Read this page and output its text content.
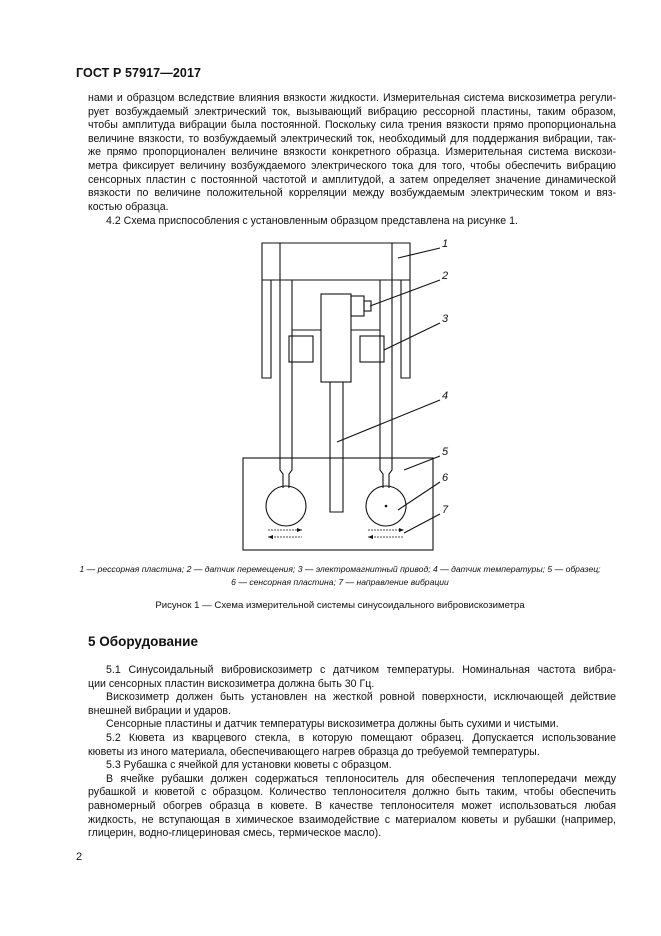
ГОСТ Р 57917—2017
нами и образцом вследствие влияния вязкости жидкости. Измерительная система вискозиметра регули-
рует возбуждаемый электрический ток, вызывающий вибрацию рессорной пластины, таким образом,
чтобы амплитуда вибрации была постоянной. Поскольку сила трения вязкости прямо пропорциональна
величине вязкости, то возбуждаемый электрический ток, необходимый для поддержания вибрации, так-
же прямо пропорционален величине вязкости конкретного образца. Измерительная система вискози-
метра фиксирует величину возбуждаемого электрического тока для того, чтобы обеспечить вибрацию
сенсорных пластин с постоянной частотой и амплитудой, а затем определяет значение динамической
вязкости по величине положительной корреляции между возбуждаемым электрическим током и вяз-
костью образца.
4.2 Схема приспособления с установленным образцом представлена на рисунке 1.
1
2
3
4
5
6
7
1 — рессорная пластина; 2 — датчик перемещения; 3 — электромагнитный привод; 4 — датчик температуры; 5 — образец;
6 — сенсорная пластина; 7 — направление вибрации
Рисунок 1 — Схема измерительной системы синусоидального вибровискозиметра
5 Оборудование
5.1 Синусоидальный вибровискозиметр с датчиком температуры. Номинальная частота вибра-
ции сенсорных пластин вискозиметра должна быть 30 Гц.
Вискозиметр должен быть установлен на жесткой ровной поверхности, исключающей действие
внешней вибрации и ударов.
Сенсорные пластины и датчик температуры вискозиметра должны быть сухими и чистыми.
5.2 Кювета из кварцевого стекла, в которую помещают образец. Допускается использование
кюветы из иного материала, обеспечивающего нагрев образца до требуемой температуры.
5.3 Рубашка с ячейкой для установки кюветы с образцом.
В ячейке рубашки должен содержаться теплоноситель для обеспечения теплопередачи между
рубашкой и кюветой с образцом. Количество теплоносителя должно быть таким, чтобы обеспечить
равномерный обогрев образца в кювете. В качестве теплоносителя может использоваться любая
жидкость, не вступающая в химическое взаимодействие с материалом кюветы и рубашки (например,
глицерин, водно-глицериновая смесь, термическое масло).
2
